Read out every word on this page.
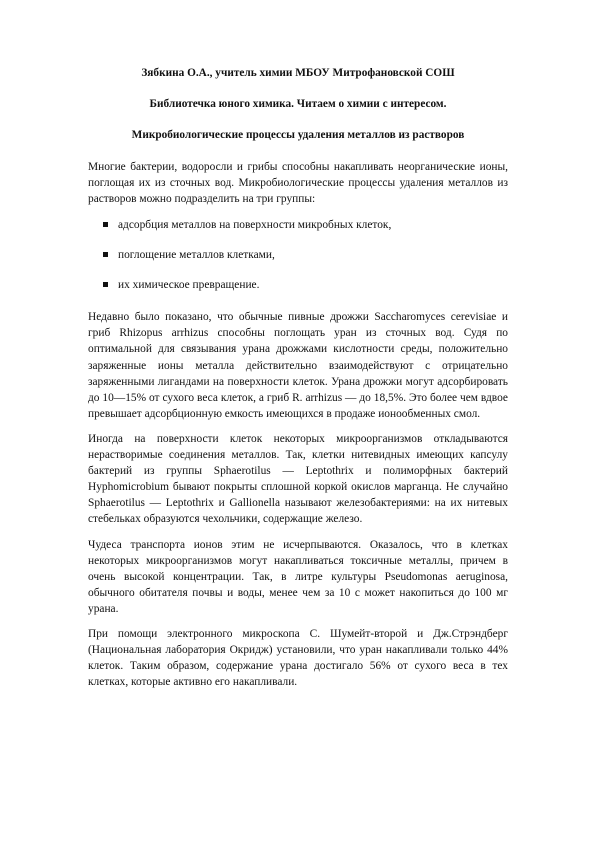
Зябкина О.А., учитель химии МБОУ Митрофановской СОШ

Библиотечка юного химика. Читаем о химии с интересом.

Микробиологические процессы удаления металлов из растворов

Многие бактерии, водоросли и грибы способны накапливать неорганические ионы, поглощая их из сточных вод. Микробиологические процессы удаления металлов из растворов можно подразделить на три группы:

адсорбция металлов на поверхности микробных клеток,
поглощение металлов клетками,
их химическое превращение.

Недавно было показано, что обычные пивные дрожжи Saccharomyces cerevisiae и гриб Rhizopus arrhizus способны поглощать уран из сточных вод. Судя по оптимальной для связывания урана дрожжами кислотности среды, положительно заряженные ионы металла действительно взаимодействуют с отрицательно заряженными лигандами на поверхности клеток. Урана дрожжи могут адсорбировать до 10—15% от сухого веса клеток, а гриб R. arrhizus — до 18,5%. Это более чем вдвое превышает адсорбционную емкость имеющихся в продаже ионообменных смол.

Иногда на поверхности клеток некоторых микроорганизмов откладываются нерастворимые соединения металлов. Так, клетки нитевидных имеющих капсулу бактерий из группы Sphaerotilus — Leptothrix и полиморфных бактерий Hyphomicrobium бывают покрыты сплошной коркой окислов марганца. Не случайно Sphaerotilus — Leptothrix и Gallionella называют железобактериями: на их нитевых стебельках образуются чехольчики, содержащие железо.

Чудеса транспорта ионов этим не исчерпываются. Оказалось, что в клетках некоторых микроорганизмов могут накапливаться токсичные металлы, причем в очень высокой концентрации. Так, в литре культуры Pseudomonas aeruginosa, обычного обитателя почвы и воды, менее чем за 10 с может накопиться до 100 мг урана.

При помощи электронного микроскопа С. Шумейт-второй и Дж.Стрэндберг (Национальная лаборатория Окридж) установили, что уран накапливали только 44% клеток. Таким образом, содержание урана достигало 56% от сухого веса в тех клетках, которые активно его накапливали.
